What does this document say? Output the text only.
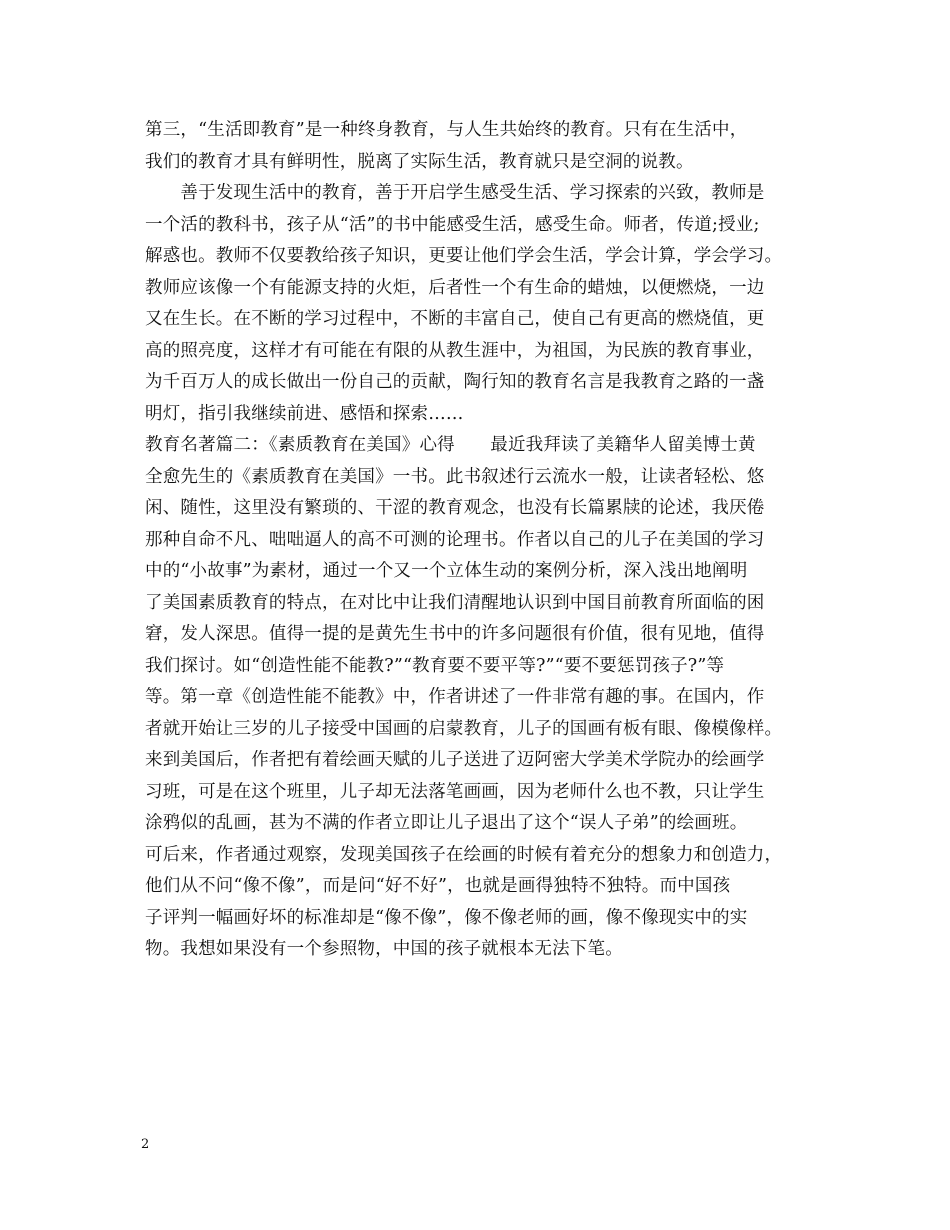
第三，“生活即教育”是一种终身教育，与人生共始终的教育。只有在生活中，
我们的教育才具有鲜明性，脱离了实际生活，教育就只是空洞的说教。
　　善于发现生活中的教育，善于开启学生感受生活、学习探索的兴致，教师是
一个活的教科书，孩子从“活”的书中能感受生活，感受生命。师者，传道;授业;
解惑也。教师不仅要教给孩子知识，更要让他们学会生活，学会计算，学会学习。
教师应该像一个有能源支持的火炬，后者性一个有生命的蜡烛，以便燃烧，一边
又在生长。在不断的学习过程中，不断的丰富自己，使自己有更高的燃烧值，更
高的照亮度，这样才有可能在有限的从教生涯中，为祖国，为民族的教育事业，
为千百万人的成长做出一份自己的贡献，陶行知的教育名言是我教育之路的一盏
明灯，指引我继续前进、感悟和探索……
教育名著篇二：《素质教育在美国》心得　　最近我拜读了美籍华人留美博士黄
全愈先生的《素质教育在美国》一书。此书叙述行云流水一般，让读者轻松、悠
闲、随性，这里没有繁琐的、干涩的教育观念，也没有长篇累牍的论述，我厌倦
那种自命不凡、咄咄逼人的高不可测的论理书。作者以自己的儿子在美国的学习
中的“小故事”为素材，通过一个又一个立体生动的案例分析，深入浅出地阐明
了美国素质教育的特点，在对比中让我们清醒地认识到中国目前教育所面临的困
窘，发人深思。值得一提的是黄先生书中的许多问题很有价值，很有见地，值得
我们探讨。如“创造性能不能教?”“教育要不要平等?”“要不要惩罚孩子?”等
等。第一章《创造性能不能教》中，作者讲述了一件非常有趣的事。在国内，作
者就开始让三岁的儿子接受中国画的启蒙教育，儿子的国画有板有眼、像模像样。
来到美国后，作者把有着绘画天赋的儿子送进了迈阿密大学美术学院办的绘画学
习班，可是在这个班里，儿子却无法落笔画画，因为老师什么也不教，只让学生
涂鸦似的乱画，甚为不满的作者立即让儿子退出了这个“误人子弟”的绘画班。
可后来，作者通过观察，发现美国孩子在绘画的时候有着充分的想象力和创造力，
他们从不问“像不像”，而是问“好不好”，也就是画得独特不独特。而中国孩
子评判一幅画好坏的标准却是“像不像”，像不像老师的画，像不像现实中的实
物。我想如果没有一个参照物，中国的孩子就根本无法下笔。
2
